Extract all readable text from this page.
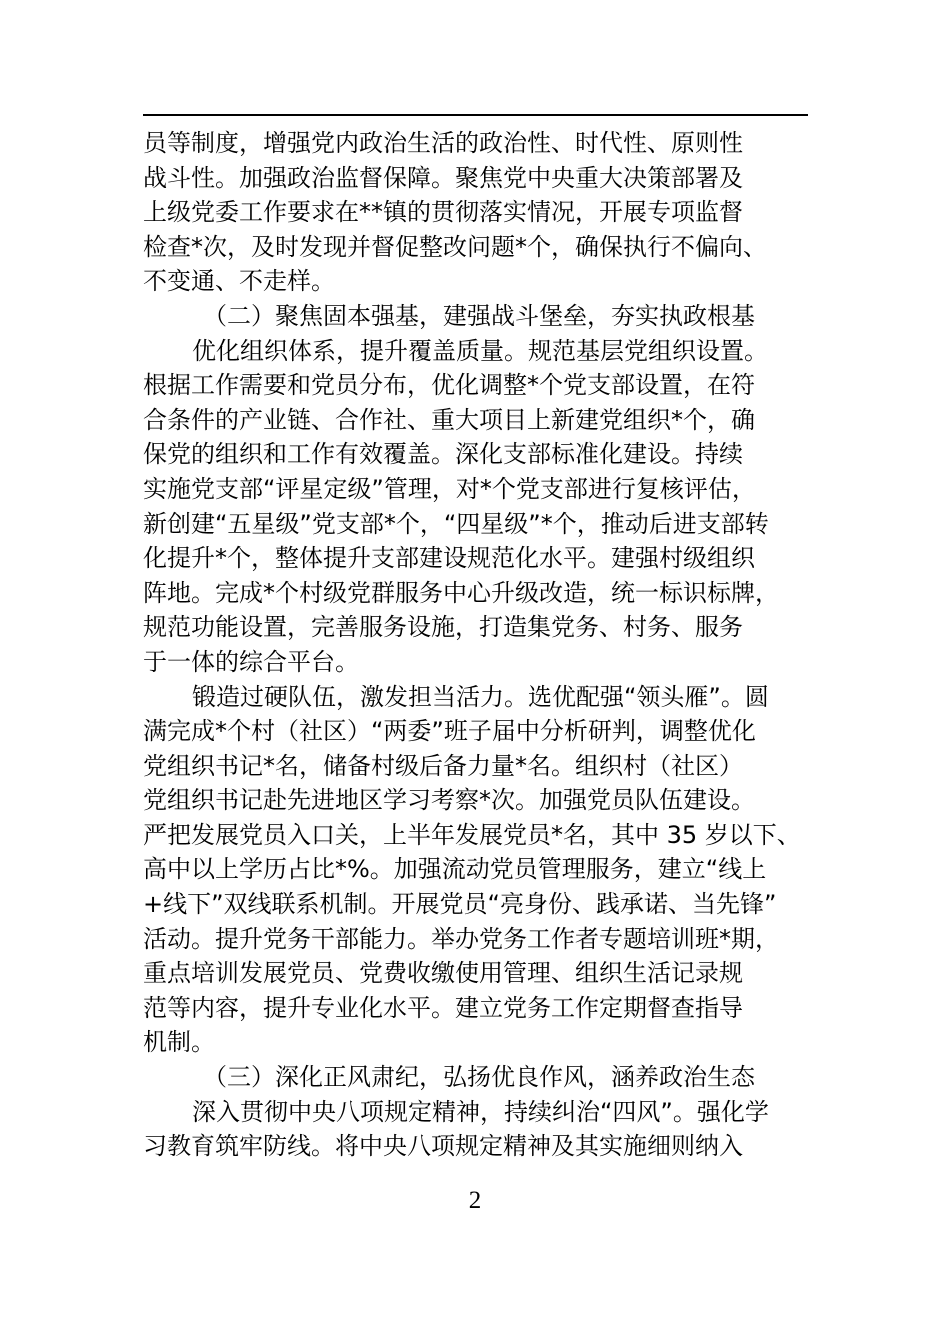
员等制度，增强党内政治生活的政治性、时代性、原则性
战斗性。加强政治监督保障。聚焦党中央重大决策部署及
上级党委工作要求在**镇的贯彻落实情况，开展专项监督
检查*次，及时发现并督促整改问题*个，确保执行不偏向、
不变通、不走样。
（二）聚焦固本强基，建强战斗堡垒，夯实执政根基
优化组织体系，提升覆盖质量。规范基层党组织设置。
根据工作需要和党员分布，优化调整*个党支部设置，在符
合条件的产业链、合作社、重大项目上新建党组织*个，确
保党的组织和工作有效覆盖。深化支部标准化建设。持续
实施党支部“评星定级”管理，对*个党支部进行复核评估，
新创建“五星级”党支部*个，“四星级”*个，推动后进支部转
化提升*个，整体提升支部建设规范化水平。建强村级组织
阵地。完成*个村级党群服务中心升级改造，统一标识标牌，
规范功能设置，完善服务设施，打造集党务、村务、服务
于一体的综合平台。
锻造过硬队伍，激发担当活力。选优配强“领头雁”。圆
满完成*个村（社区）“两委”班子届中分析研判，调整优化
党组织书记*名，储备村级后备力量*名。组织村（社区）
党组织书记赴先进地区学习考察*次。加强党员队伍建设。
严把发展党员入口关，上半年发展党员*名，其中 35 岁以下、
高中以上学历占比*%。加强流动党员管理服务，建立“线上
+线下”双线联系机制。开展党员“亮身份、践承诺、当先锋”
活动。提升党务干部能力。举办党务工作者专题培训班*期，
重点培训发展党员、党费收缴使用管理、组织生活记录规
范等内容，提升专业化水平。建立党务工作定期督查指导
机制。
（三）深化正风肃纪，弘扬优良作风，涵养政治生态
深入贯彻中央八项规定精神，持续纠治“四风”。强化学
习教育筑牢防线。将中央八项规定精神及其实施细则纳入
2
